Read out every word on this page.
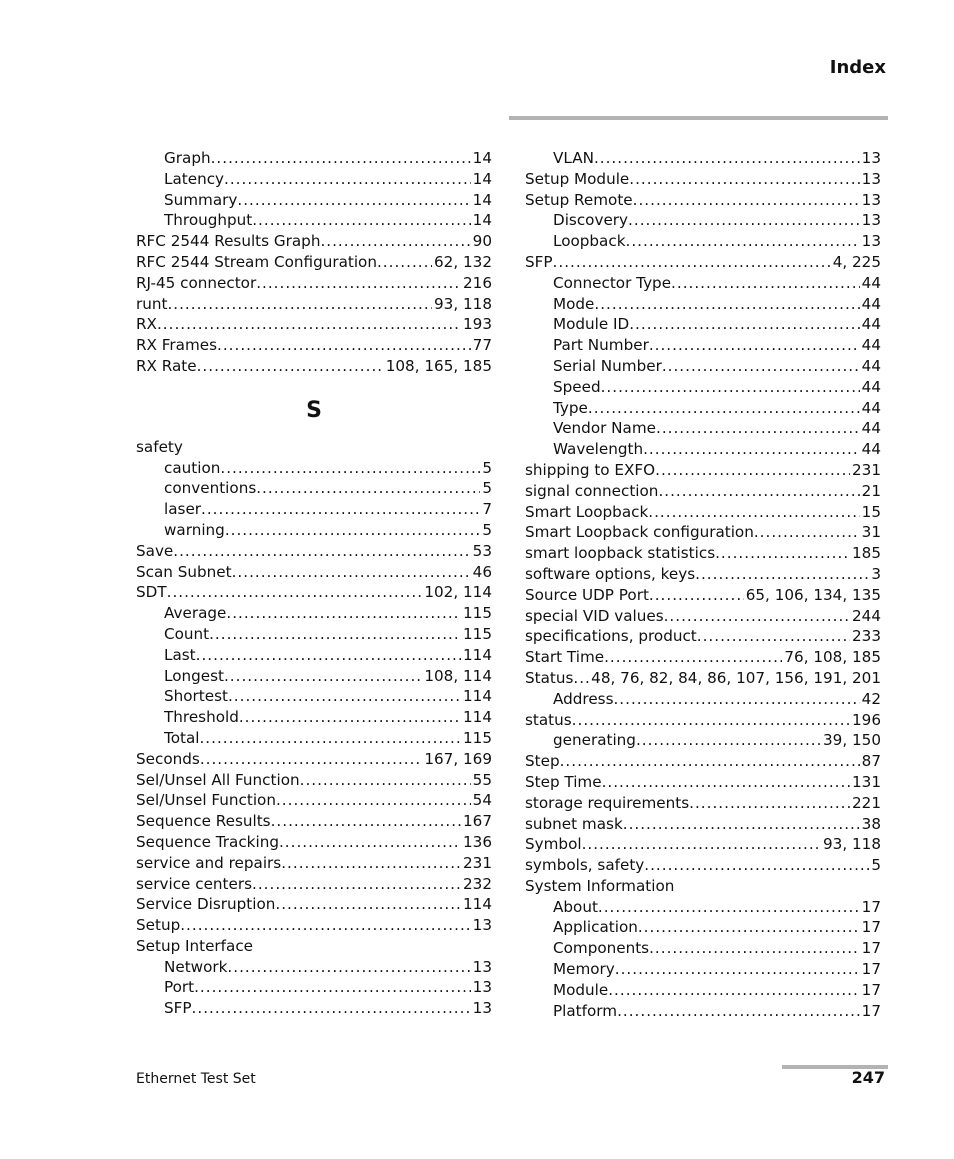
Index
Graph .....	14
Latency .....	14
Summary .....	14
Throughput .....	14
RFC 2544 Results Graph .....	90
RFC 2544 Stream Configuration .....	62, 132
RJ-45 connector .....	216
runt .....	93, 118
RX .....	193
RX Frames .....	77
RX Rate .....	108, 165, 185
S
safety
caution .....	5
conventions .....	5
laser .....	7
warning .....	5
Save .....	53
Scan Subnet .....	46
SDT .....	102, 114
Average .....	115
Count .....	115
Last .....	114
Longest .....	108, 114
Shortest .....	114
Threshold .....	114
Total .....	115
Seconds .....	167, 169
Sel/Unsel All Function .....	55
Sel/Unsel Function .....	54
Sequence Results .....	167
Sequence Tracking .....	136
service and repairs .....	231
service centers .....	232
Service Disruption .....	114
Setup .....	13
Setup Interface
Network .....	13
Port .....	13
SFP .....	13
VLAN .....	13
Setup Module .....	13
Setup Remote .....	13
Discovery .....	13
Loopback .....	13
SFP .....	4, 225
Connector Type .....	44
Mode .....	44
Module ID .....	44
Part Number .....	44
Serial Number .....	44
Speed .....	44
Type .....	44
Vendor Name .....	44
Wavelength .....	44
shipping to EXFO .....	231
signal connection .....	21
Smart Loopback .....	15
Smart Loopback configuration .....	31
smart loopback statistics .....	185
software options, keys .....	3
Source UDP Port .....	65, 106, 134, 135
special VID values .....	244
specifications, product .....	233
Start Time .....	76, 108, 185
Status ..... 48, 76, 82, 84, 86, 107, 156, 191, 201
Address .....	42
status .....	196
generating .....	39, 150
Step .....	87
Step Time .....	131
storage requirements .....	221
subnet mask .....	38
Symbol .....	93, 118
symbols, safety .....	5
System Information
About .....	17
Application .....	17
Components .....	17
Memory .....	17
Module .....	17
Platform .....	17
Ethernet Test Set	247
